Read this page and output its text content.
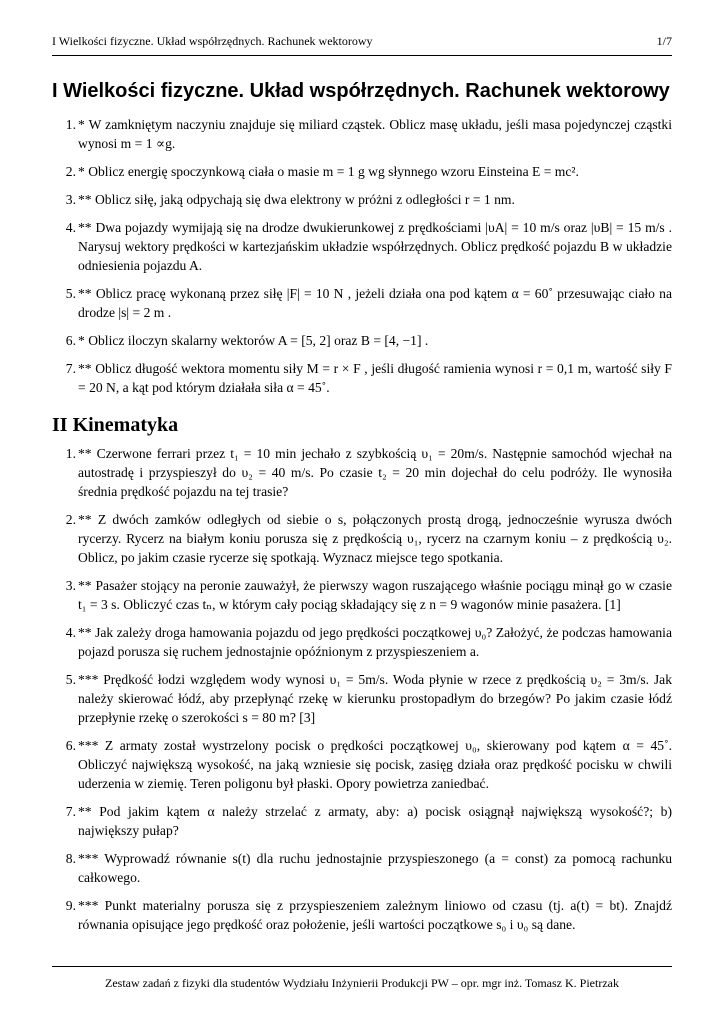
I Wielkości fizyczne. Układ współrzędnych. Rachunek wektorowy	1/7
I Wielkości fizyczne. Układ współrzędnych. Rachunek wektorowy
1. * W zamkniętym naczyniu znajduje się miliard cząstek. Oblicz masę układu, jeśli masa pojedynczej cząstki wynosi m = 1 ∝g.
2. * Oblicz energię spoczynkową ciała o masie m = 1 g wg słynnego wzoru Einsteina E = mc².
3. ** Oblicz siłę, jaką odpychają się dwa elektrony w próżni z odległości r = 1 nm.
4. ** Dwa pojazdy wymijają się na drodze dwukierunkowej z prędkościami |υA| = 10 m/s oraz |υB| = 15 m/s . Narysuj wektory prędkości w kartezjańskim układzie współrzędnych. Oblicz prędkość pojazdu B w układzie odniesienia pojazdu A.
5. ** Oblicz pracę wykonaną przez siłę |F| = 10 N , jeżeli działa ona pod kątem α = 60˚ przesuwając ciało na drodze |s| = 2 m .
6. * Oblicz iloczyn skalarny wektorów A = [5, 2] oraz B = [4, −1] .
7. ** Oblicz długość wektora momentu siły M = r × F , jeśli długość ramienia wynosi r = 0,1 m, wartość siły F = 20 N, a kąt pod którym działała siła α = 45˚.
II Kinematyka
1. ** Czerwone ferrari przez t₁ = 10 min jechało z szybkością υ₁ = 20m/s. Następnie samochód wjechał na autostradę i przyspieszył do υ₂ = 40 m/s. Po czasie t₂ = 20 min dojechał do celu podróży. Ile wynosiła średnia prędkość pojazdu na tej trasie?
2. ** Z dwóch zamków odległych od siebie o s, połączonych prostą drogą, jednocześnie wyrusza dwóch rycerzy. Rycerz na białym koniu porusza się z prędkością υ₁, rycerz na czarnym koniu – z prędkością υ₂. Oblicz, po jakim czasie rycerze się spotkają. Wyznacz miejsce tego spotkania.
3. ** Pasażer stojący na peronie zauważył, że pierwszy wagon ruszającego właśnie pociągu minął go w czasie t₁ = 3 s. Obliczyć czas tₙ, w którym cały pociąg składający się z n = 9 wagonów minie pasażera. [1]
4. ** Jak zależy droga hamowania pojazdu od jego prędkości początkowej υ₀? Założyć, że podczas hamowania pojazd porusza się ruchem jednostajnie opóźnionym z przyspieszeniem a.
5. *** Prędkość łodzi względem wody wynosi υ₁ = 5m/s. Woda płynie w rzece z prędkością υ₂ = 3m/s. Jak należy skierować łódź, aby przepłynąć rzekę w kierunku prostopadłym do brzegów? Po jakim czasie łódź przepłynie rzekę o szerokości s = 80 m? [3]
6. *** Z armaty został wystrzelony pocisk o prędkości początkowej υ₀, skierowany pod kątem α = 45˚. Obliczyć największą wysokość, na jaką wzniesie się pocisk, zasięg działa oraz prędkość pocisku w chwili uderzenia w ziemię. Teren poligonu był płaski. Opory powietrza zaniedbać.
7. ** Pod jakim kątem α należy strzelać z armaty, aby: a) pocisk osiągnął największą wysokość?; b) największy pułap?
8. *** Wyprowadź równanie s(t) dla ruchu jednostajnie przyspieszonego (a = const) za pomocą rachunku całkowego.
9. *** Punkt materialny porusza się z przyspieszeniem zależnym liniowo od czasu (tj. a(t) = bt). Znajdź równania opisujące jego prędkość oraz położenie, jeśli wartości początkowe s₀ i υ₀ są dane.
Zestaw zadań z fizyki dla studentów Wydziału Inżynierii Produkcji PW – opr. mgr inż. Tomasz K. Pietrzak
